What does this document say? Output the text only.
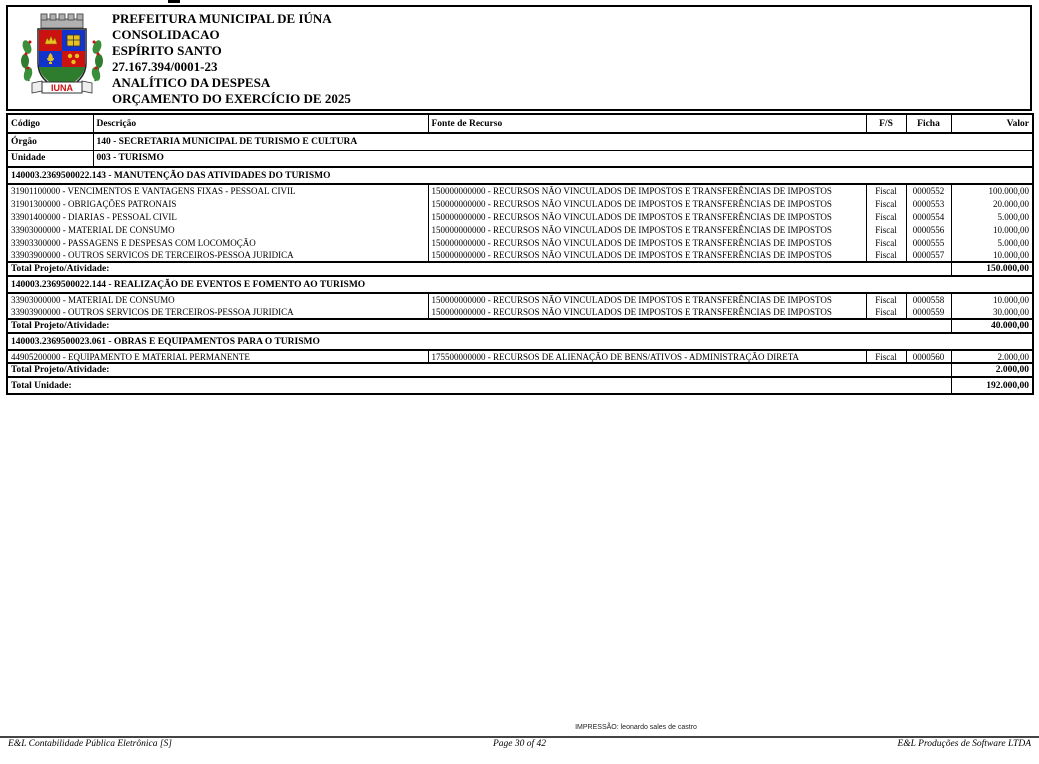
IUNA
PREFEITURA MUNICIPAL DE IÚNA
CONSOLIDACAO
ESPÍRITO SANTO
27.167.394/0001-23
ANALÍTICO DA DESPESA
ORÇAMENTO DO EXERCÍCIO DE 2025
Código	Descrição	Fonte de Recurso	F/S	Ficha	Valor
Órgão	140 - SECRETARIA MUNICIPAL DE TURISMO E CULTURA				
Unidade	003 - TURISMO				
140003.2369500022.143 - MANUTENÇÃO DAS ATIVIDADES DO TURISMO					
31901100000 - VENCIMENTOS E VANTAGENS FIXAS - PESSOAL CIVIL		150000000000 - RECURSOS NÃO VINCULADOS DE IMPOSTOS E TRANSFERÊNCIAS DE IMPOSTOS	Fiscal	0000552	100.000,00
31901300000 - OBRIGAÇÕES PATRONAIS		150000000000 - RECURSOS NÃO VINCULADOS DE IMPOSTOS E TRANSFERÊNCIAS DE IMPOSTOS	Fiscal	0000553	20.000,00
33901400000 - DIARIAS - PESSOAL CIVIL		150000000000 - RECURSOS NÃO VINCULADOS DE IMPOSTOS E TRANSFERÊNCIAS DE IMPOSTOS	Fiscal	0000554	5.000,00
33903000000 - MATERIAL DE CONSUMO		150000000000 - RECURSOS NÃO VINCULADOS DE IMPOSTOS E TRANSFERÊNCIAS DE IMPOSTOS	Fiscal	0000556	10.000,00
33903300000 - PASSAGENS E DESPESAS COM LOCOMOÇÃO		150000000000 - RECURSOS NÃO VINCULADOS DE IMPOSTOS E TRANSFERÊNCIAS DE IMPOSTOS	Fiscal	0000555	5.000,00
33903900000 - OUTROS SERVICOS DE TERCEIROS-PESSOA JURIDICA		150000000000 - RECURSOS NÃO VINCULADOS DE IMPOSTOS E TRANSFERÊNCIAS DE IMPOSTOS	Fiscal	0000557	10.000,00
Total Projeto/Atividade:					150.000,00
140003.2369500022.144 - REALIZAÇÃO DE EVENTOS E FOMENTO AO TURISMO					
33903000000 - MATERIAL DE CONSUMO		150000000000 - RECURSOS NÃO VINCULADOS DE IMPOSTOS E TRANSFERÊNCIAS DE IMPOSTOS	Fiscal	0000558	10.000,00
33903900000 - OUTROS SERVICOS DE TERCEIROS-PESSOA JURIDICA		150000000000 - RECURSOS NÃO VINCULADOS DE IMPOSTOS E TRANSFERÊNCIAS DE IMPOSTOS	Fiscal	0000559	30.000,00
Total Projeto/Atividade:					40.000,00
140003.2369500023.061 - OBRAS E EQUIPAMENTOS PARA O TURISMO					
44905200000 - EQUIPAMENTO E MATERIAL PERMANENTE		175500000000 - RECURSOS DE ALIENAÇÃO DE BENS/ATIVOS - ADMINISTRAÇÃO DIRETA	Fiscal	0000560	2.000,00
Total Projeto/Atividade:					2.000,00
Total Unidade:					192.000,00
IMPRESSÃO: leonardo sales de castro
E&L Contabilidade Pública Eletrônica [S]	Page 30 of 42	E&L Produções de Software LTDA
